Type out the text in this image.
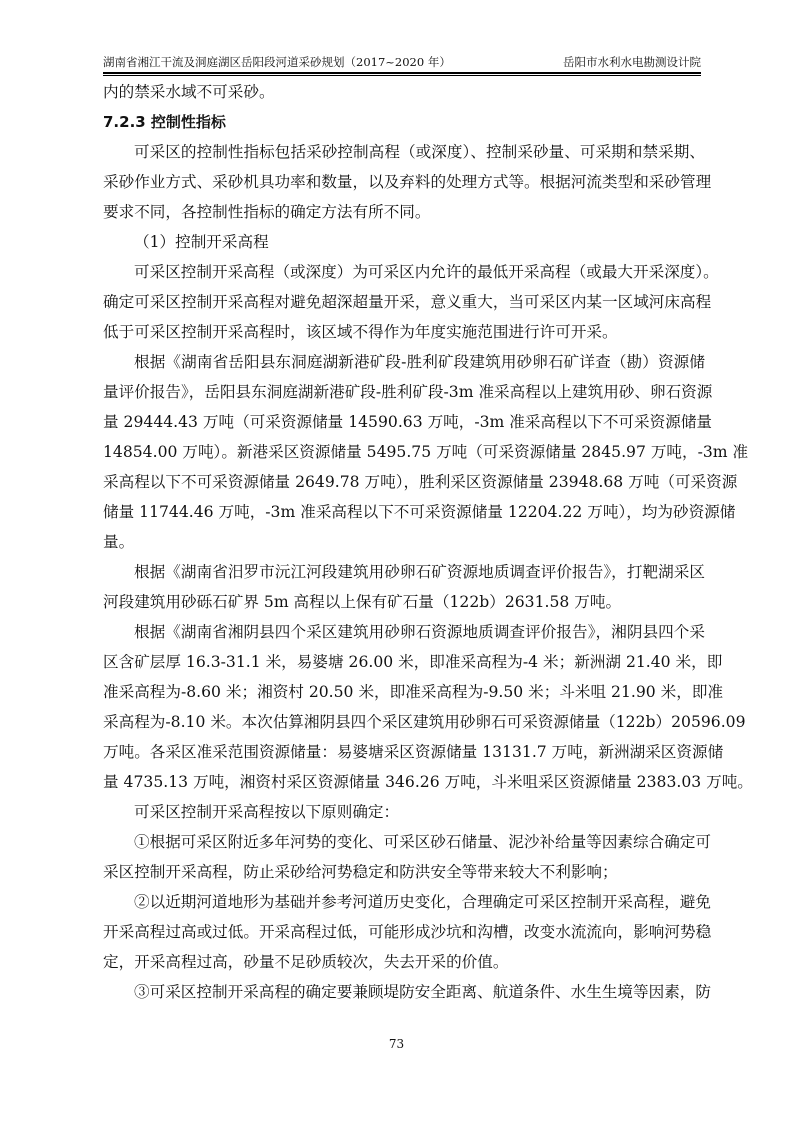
湖南省湘江干流及洞庭湖区岳阳段河道采砂规划（2017~2020 年）	岳阳市水利水电勘测设计院
内的禁采水域不可采砂。
7.2.3 控制性指标
可采区的控制性指标包括采砂控制高程（或深度）、控制采砂量、可采期和禁采期、
采砂作业方式、采砂机具功率和数量，以及弃料的处理方式等。根据河流类型和采砂管理
要求不同，各控制性指标的确定方法有所不同。
（1）控制开采高程
可采区控制开采高程（或深度）为可采区内允许的最低开采高程（或最大开采深度）。
确定可采区控制开采高程对避免超深超量开采，意义重大，当可采区内某一区域河床高程
低于可采区控制开采高程时，该区域不得作为年度实施范围进行许可开采。
根据《湖南省岳阳县东洞庭湖新港矿段-胜利矿段建筑用砂卵石矿详查（勘）资源储
量评价报告》，岳阳县东洞庭湖新港矿段-胜利矿段-3m 准采高程以上建筑用砂、卵石资源
量 29444.43 万吨（可采资源储量 14590.63 万吨，-3m 准采高程以下不可采资源储量
14854.00 万吨）。新港采区资源储量 5495.75 万吨（可采资源储量 2845.97 万吨，-3m 准
采高程以下不可采资源储量 2649.78 万吨），胜利采区资源储量 23948.68 万吨（可采资源
储量 11744.46 万吨，-3m 准采高程以下不可采资源储量 12204.22 万吨），均为砂资源储
量。
根据《湖南省汨罗市沅江河段建筑用砂卵石矿资源地质调查评价报告》，打靶湖采区
河段建筑用砂砾石矿界 5m 高程以上保有矿石量（122b）2631.58 万吨。
根据《湖南省湘阴县四个采区建筑用砂卵石资源地质调查评价报告》，湘阴县四个采
区含矿层厚 16.3-31.1 米，易婆塘 26.00 米，即准采高程为-4 米；新洲湖 21.40 米，即
准采高程为-8.60 米；湘资村 20.50 米，即准采高程为-9.50 米；斗米咀 21.90 米，即准
采高程为-8.10 米。本次估算湘阴县四个采区建筑用砂卵石可采资源储量（122b）20596.09
万吨。各采区准采范围资源储量：易婆塘采区资源储量 13131.7 万吨，新洲湖采区资源储
量 4735.13 万吨，湘资村采区资源储量 346.26 万吨，斗米咀采区资源储量 2383.03 万吨。
可采区控制开采高程按以下原则确定：
①根据可采区附近多年河势的变化、可采区砂石储量、泥沙补给量等因素综合确定可
采区控制开采高程，防止采砂给河势稳定和防洪安全等带来较大不利影响；
②以近期河道地形为基础并参考河道历史变化，合理确定可采区控制开采高程，避免
开采高程过高或过低。开采高程过低，可能形成沙坑和沟槽，改变水流流向，影响河势稳
定，开采高程过高，砂量不足砂质较次，失去开采的价值。
③可采区控制开采高程的确定要兼顾堤防安全距离、航道条件、水生生境等因素，防
73
